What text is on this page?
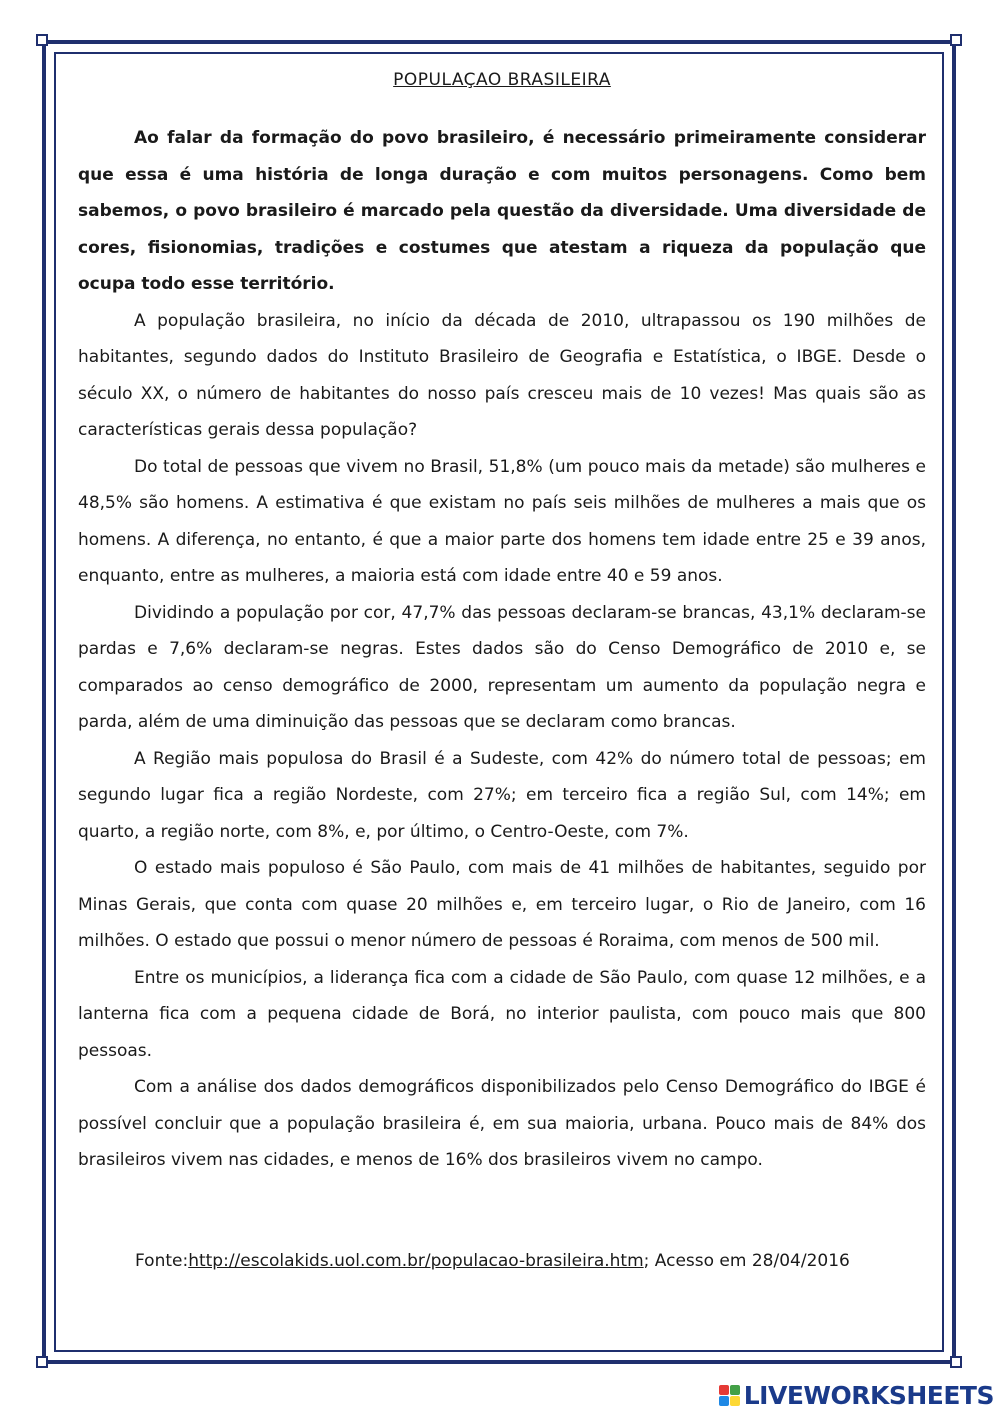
POPULAÇAO BRASILEIRA

Ao falar da formação do povo brasileiro, é necessário primeiramente considerar que essa é uma história de longa duração e com muitos personagens. Como bem sabemos, o povo brasileiro é marcado pela questão da diversidade. Uma diversidade de cores, fisionomias, tradições e costumes que atestam a riqueza da população que ocupa todo esse território.

A população brasileira, no início da década de 2010, ultrapassou os 190 milhões de habitantes, segundo dados do Instituto Brasileiro de Geografia e Estatística, o IBGE. Desde o século XX, o número de habitantes do nosso país cresceu mais de 10 vezes! Mas quais são as características gerais dessa população?

Do total de pessoas que vivem no Brasil, 51,8% (um pouco mais da metade) são mulheres e 48,5% são homens. A estimativa é que existam no país seis milhões de mulheres a mais que os homens. A diferença, no entanto, é que a maior parte dos homens tem idade entre 25 e 39 anos, enquanto, entre as mulheres, a maioria está com idade entre 40 e 59 anos.

Dividindo a população por cor, 47,7% das pessoas declaram-se brancas, 43,1% declaram-se pardas e 7,6% declaram-se negras. Estes dados são do Censo Demográfico de 2010 e, se comparados ao censo demográfico de 2000, representam um aumento da população negra e parda, além de uma diminuição das pessoas que se declaram como brancas.

A Região mais populosa do Brasil é a Sudeste, com 42% do número total de pessoas; em segundo lugar fica a região Nordeste, com 27%; em terceiro fica a região Sul, com 14%; em quarto, a região norte, com 8%, e, por último, o Centro-Oeste, com 7%.

O estado mais populoso é São Paulo, com mais de 41 milhões de habitantes, seguido por Minas Gerais, que conta com quase 20 milhões e, em terceiro lugar, o Rio de Janeiro, com 16 milhões. O estado que possui o menor número de pessoas é Roraima, com menos de 500 mil.

Entre os municípios, a liderança fica com a cidade de São Paulo, com quase 12 milhões, e a lanterna fica com a pequena cidade de Borá, no interior paulista, com pouco mais que 800 pessoas.

Com a análise dos dados demográficos disponibilizados pelo Censo Demográfico do IBGE é possível concluir que a população brasileira é, em sua maioria, urbana. Pouco mais de 84% dos brasileiros vivem nas cidades, e menos de 16% dos brasileiros vivem no campo.

Fonte:http://escolakids.uol.com.br/populacao-brasileira.htm; Acesso em 28/04/2016
LIVEWORKSHEETS
